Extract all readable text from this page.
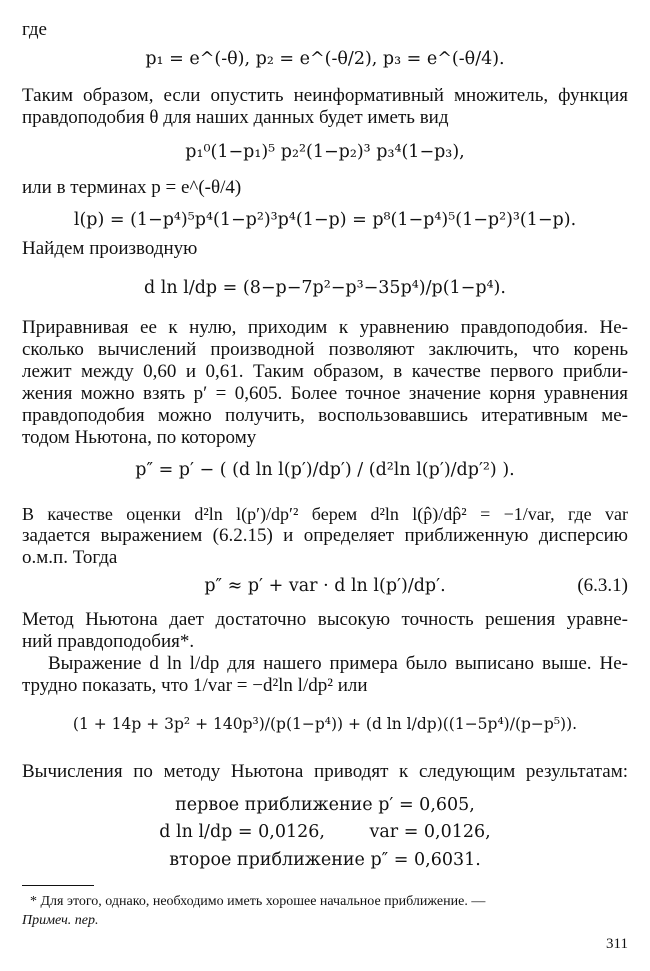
где
p₁ = e^(-θ), p₂ = e^(-θ/2), p₃ = e^(-θ/4).
Таким образом, если опустить неинформативный множитель, функция
правдоподобия θ для наших данных будет иметь вид
p₁⁰(1−p₁)⁵ p₂²(1−p₂)³ p₃⁴(1−p₃),
или в терминах p = e^(-θ/4)
l(p) = (1−p⁴)⁵p⁴(1−p²)³p⁴(1−p) = p⁸(1−p⁴)⁵(1−p²)³(1−p).
Найдем производную
d ln l/dp = (8−p−7p²−p³−35p⁴)/p(1−p⁴).
Приравнивая ее к нулю, приходим к уравнению правдоподобия. Не-
сколько вычислений производной позволяют заключить, что корень
лежит между 0,60 и 0,61. Таким образом, в качестве первого прибли-
жения можно взять p′ = 0,605. Более точное значение корня уравнения
правдоподобия можно получить, воспользовавшись итеративным ме-
тодом Ньютона, по которому
p″ = p′ − ( (d ln l(p′)/dp′) / (d²ln l(p′)/dp′²) ).
В качестве оценки d²ln l(p′)/dp′² берем d²ln l(p̂)/dp̂² = −1/var, где var
задается выражением (6.2.15) и определяет приближенную дисперсию
о.м.п. Тогда
p″ ≈ p′ + var · d ln l(p′)/dp′.	(6.3.1)
Метод Ньютона дает достаточно высокую точность решения уравне-
ний правдоподобия*.
Выражение d ln l/dp для нашего примера было выписано выше. Не-
трудно показать, что 1/var = −d²ln l/dp² или
(1 + 14p + 3p² + 140p³)/(p(1−p⁴)) + (d ln l/dp)((1−5p⁴)/(p−p⁵)).
Вычисления по методу Ньютона приводят к следующим результатам:
первое приближение p′ = 0,605,
d ln l/dp = 0,0126,        var = 0,0126,
второе приближение p″ = 0,6031.
* Для этого, однако, необходимо иметь хорошее начальное приближение. —
Примеч. пер.
311
